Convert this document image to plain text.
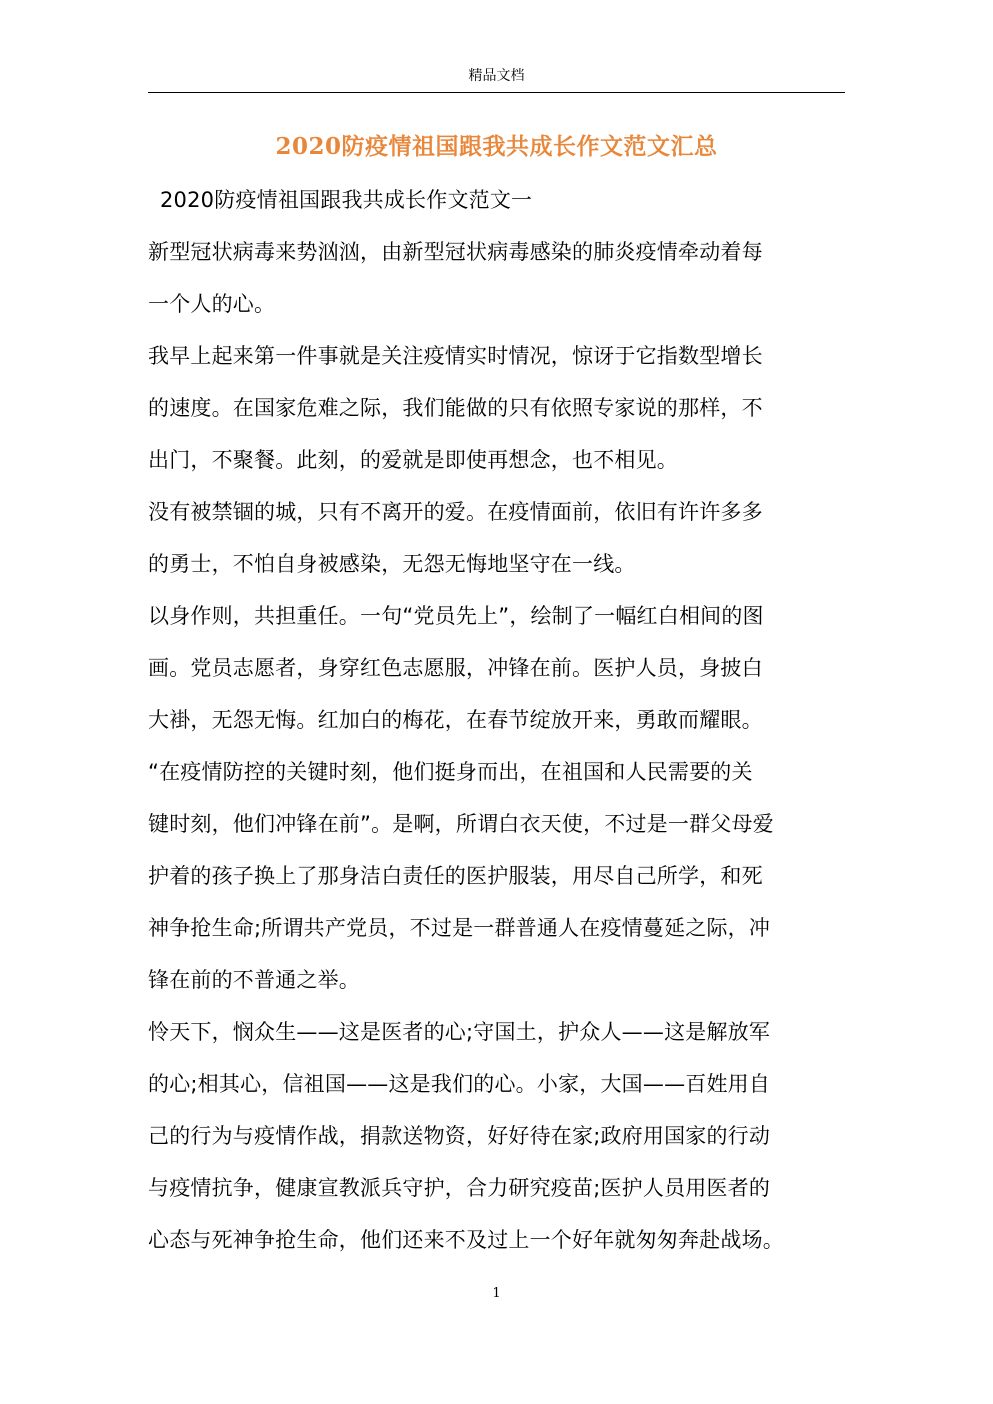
精品文档
2020防疫情祖国跟我共成长作文范文汇总
2020防疫情祖国跟我共成长作文范文一
新型冠状病毒来势汹汹，由新型冠状病毒感染的肺炎疫情牵动着每
一个人的心。
我早上起来第一件事就是关注疫情实时情况，惊讶于它指数型增长
的速度。在国家危难之际，我们能做的只有依照专家说的那样，不
出门，不聚餐。此刻，的爱就是即使再想念，也不相见。
没有被禁锢的城，只有不离开的爱。在疫情面前，依旧有许许多多
的勇士，不怕自身被感染，无怨无悔地坚守在一线。
以身作则，共担重任。一句“党员先上”，绘制了一幅红白相间的图
画。党员志愿者，身穿红色志愿服，冲锋在前。医护人员，身披白
大褂，无怨无悔。红加白的梅花，在春节绽放开来，勇敢而耀眼。
“在疫情防控的关键时刻，他们挺身而出，在祖国和人民需要的关
键时刻，他们冲锋在前”。是啊，所谓白衣天使，不过是一群父母爱
护着的孩子换上了那身洁白责任的医护服装，用尽自己所学，和死
神争抢生命;所谓共产党员，不过是一群普通人在疫情蔓延之际，冲
锋在前的不普通之举。
怜天下，悯众生——这是医者的心;守国土，护众人——这是解放军
的心;相其心，信祖国——这是我们的心。小家，大国——百姓用自
己的行为与疫情作战，捐款送物资，好好待在家;政府用国家的行动
与疫情抗争，健康宣教派兵守护，合力研究疫苗;医护人员用医者的
心态与死神争抢生命，他们还来不及过上一个好年就匆匆奔赴战场。
1
